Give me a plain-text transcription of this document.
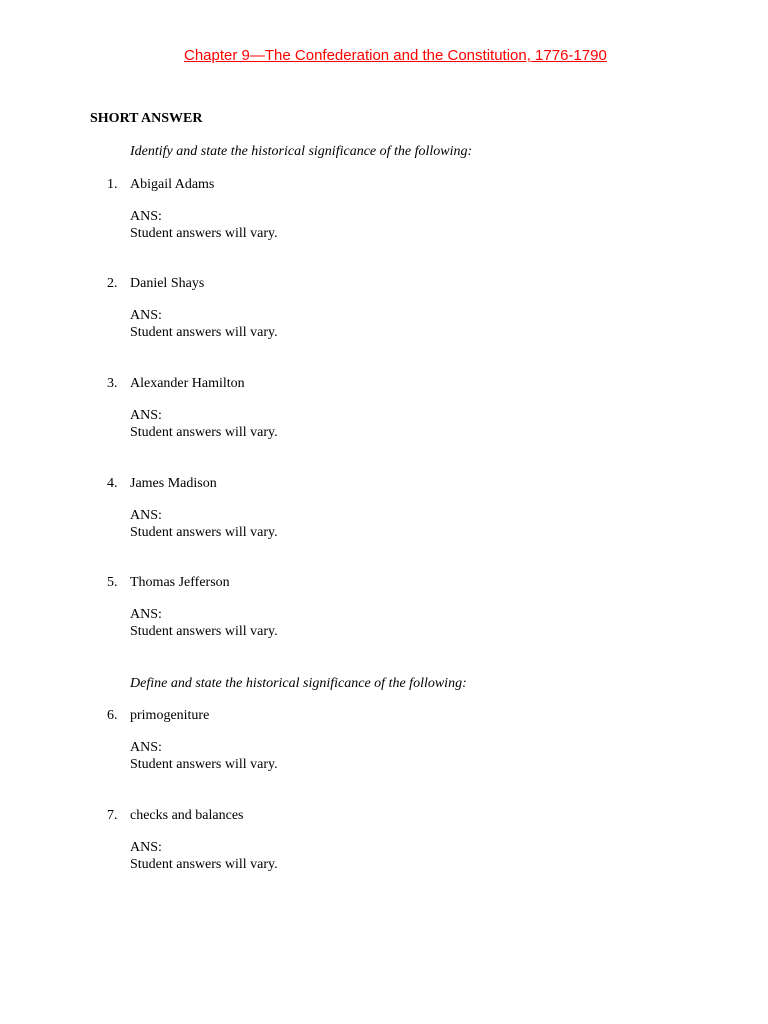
Chapter 9—The Confederation and the Constitution, 1776-1790
SHORT ANSWER
Identify and state the historical significance of the following:
1. Abigail Adams
ANS:
Student answers will vary.
2. Daniel Shays
ANS:
Student answers will vary.
3. Alexander Hamilton
ANS:
Student answers will vary.
4. James Madison
ANS:
Student answers will vary.
5. Thomas Jefferson
ANS:
Student answers will vary.
Define and state the historical significance of the following:
6. primogeniture
ANS:
Student answers will vary.
7. checks and balances
ANS:
Student answers will vary.
